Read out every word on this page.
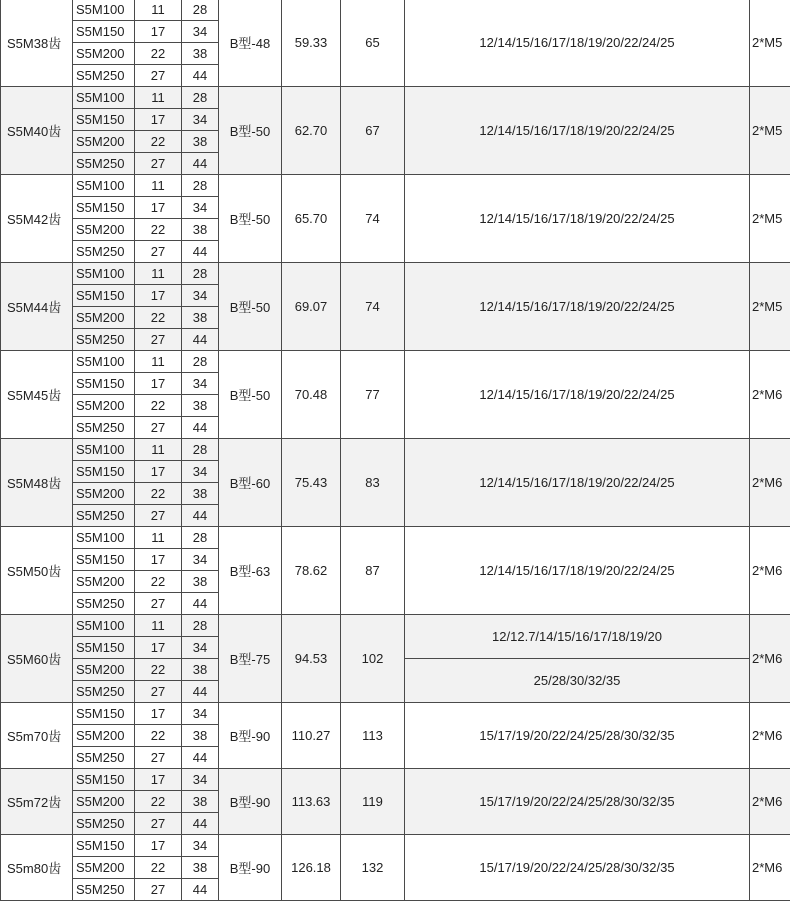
S5M38齿	S5M100	11	28	B型-48	59.33	65	12/14/15/16/17/18/19/20/22/24/25	2*M5
	S5M150	17	34					
	S5M200	22	38					
	S5M250	27	44					
S5M40齿	S5M100	11	28	B型-50	62.70	67	12/14/15/16/17/18/19/20/22/24/25	2*M5
	S5M150	17	34					
	S5M200	22	38					
	S5M250	27	44					
S5M42齿	S5M100	11	28	B型-50	65.70	74	12/14/15/16/17/18/19/20/22/24/25	2*M5
	S5M150	17	34					
	S5M200	22	38					
	S5M250	27	44					
S5M44齿	S5M100	11	28	B型-50	69.07	74	12/14/15/16/17/18/19/20/22/24/25	2*M5
	S5M150	17	34					
	S5M200	22	38					
	S5M250	27	44					
S5M45齿	S5M100	11	28	B型-50	70.48	77	12/14/15/16/17/18/19/20/22/24/25	2*M6
	S5M150	17	34					
	S5M200	22	38					
	S5M250	27	44					
S5M48齿	S5M100	11	28	B型-60	75.43	83	12/14/15/16/17/18/19/20/22/24/25	2*M6
	S5M150	17	34					
	S5M200	22	38					
	S5M250	27	44					
S5M50齿	S5M100	11	28	B型-63	78.62	87	12/14/15/16/17/18/19/20/22/24/25	2*M6
	S5M150	17	34					
	S5M200	22	38					
	S5M250	27	44					
S5M60齿	S5M100	11	28	B型-75	94.53	102	12/12.7/14/15/16/17/18/19/20	2*M6

	S5M150	17	34					

	S5M200	22	38				25/28/30/32/35	

	S5M250	27	44					

S5m70齿	S5M150	17	34	B型-90	110.27	113	15/17/19/20/22/24/25/28/30/32/35	2*M6
	S5M200	22	38					
	S5M250	27	44					
S5m72齿	S5M150	17	34	B型-90	113.63	119	15/17/19/20/22/24/25/28/30/32/35	2*M6
	S5M200	22	38					
	S5M250	27	44					
S5m80齿	S5M150	17	34	B型-90	126.18	132	15/17/19/20/22/24/25/28/30/32/35	2*M6
	S5M200	22	38					
	S5M250	27	44					
